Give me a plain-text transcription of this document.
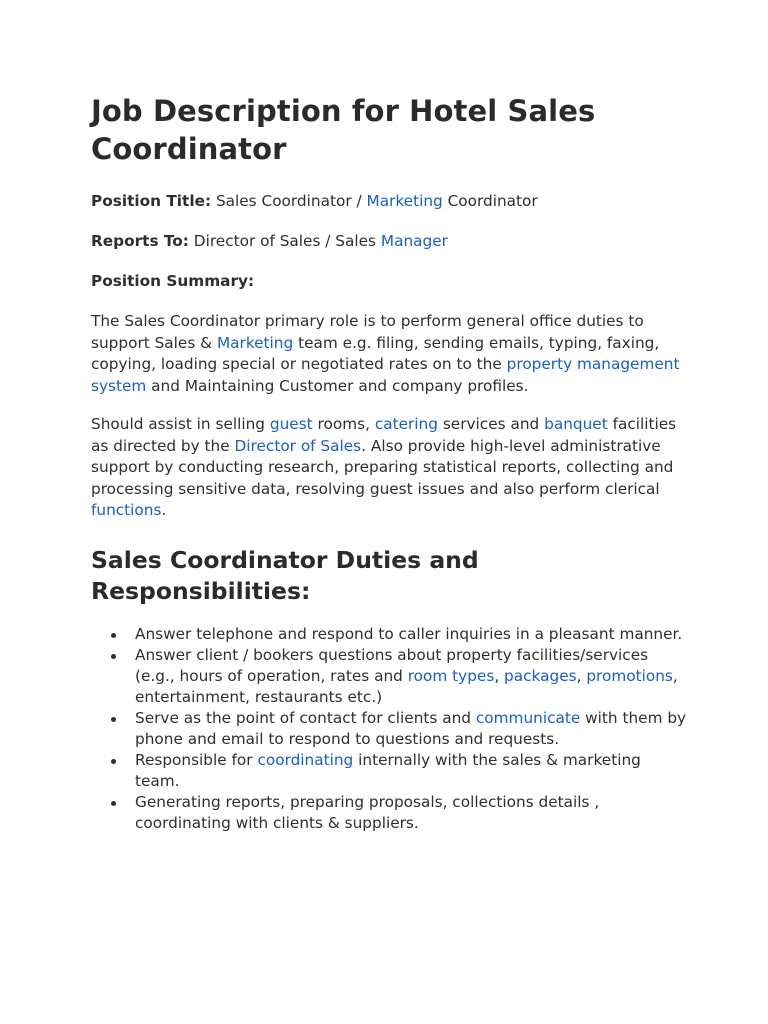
Job Description for Hotel Sales Coordinator

Position Title: Sales Coordinator / Marketing Coordinator

Reports To: Director of Sales / Sales Manager

Position Summary:

The Sales Coordinator primary role is to perform general office duties to support Sales & Marketing team e.g. filing, sending emails, typing, faxing, copying, loading special or negotiated rates on to the property management system and Maintaining Customer and company profiles.

Should assist in selling guest rooms, catering services and banquet facilities as directed by the Director of Sales. Also provide high-level administrative support by conducting research, preparing statistical reports, collecting and processing sensitive data, resolving guest issues and also perform clerical functions.

Sales Coordinator Duties and Responsibilities:
Answer telephone and respond to caller inquiries in a pleasant manner.
Answer client / bookers questions about property facilities/services (e.g., hours of operation, rates and room types, packages, promotions, entertainment, restaurants etc.)
Serve as the point of contact for clients and communicate with them by phone and email to respond to questions and requests.
Responsible for coordinating internally with the sales & marketing team.
Generating reports, preparing proposals, collections details , coordinating with clients & suppliers.
